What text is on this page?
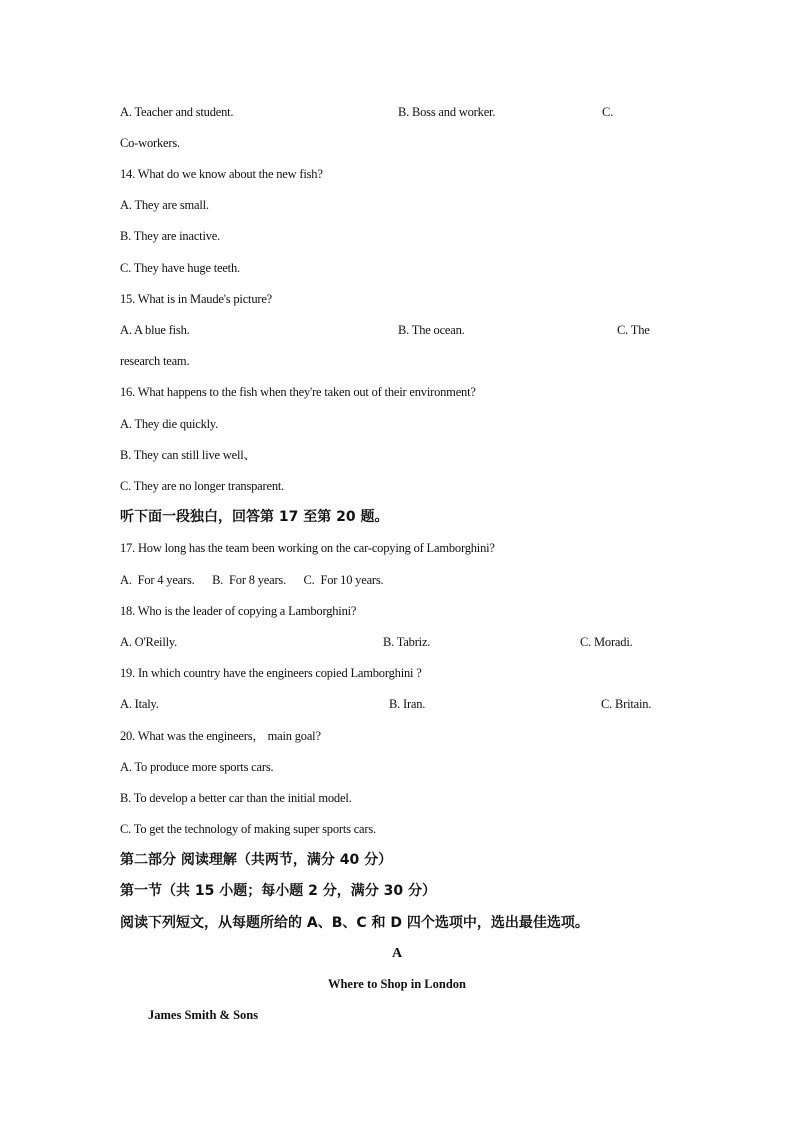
A. Teacher and student.	B. Boss and worker.	C.
Co-workers.
14. What do we know about the new fish?
A. They are small.
B. They are inactive.
C. They have huge teeth.
15. What is in Maude's picture?
A. A blue fish.	B. The ocean.	C. The
research team.
16. What happens to the fish when they're taken out of their environment?
A. They die quickly.
B. They can still live well、
C. They are no longer transparent.
听下面一段独白，回答第 17 至第 20 题。
17. How long has the team been working on the car-copying of Lamborghini?
A.  For 4 years.      B.  For 8 years.      C.  For 10 years.
18. Who is the leader of copying a Lamborghini?
A. O'Reilly.	B. Tabriz.	C. Moradi.
19. In which country have the engineers copied Lamborghini ?
A. Italy.	B. Iran.	C. Britain.
20. What was the engineers， main goal?
A. To produce more sports cars.
B. To develop a better car than the initial model.
C. To get the technology of making super sports cars.
第二部分 阅读理解（共两节，满分 40 分）
第一节（共 15 小题；每小题 2 分，满分 30 分）
阅读下列短文，从每题所给的 A、B、C 和 D 四个选项中，选出最佳选项。
A
Where to Shop in London
James Smith & Sons
